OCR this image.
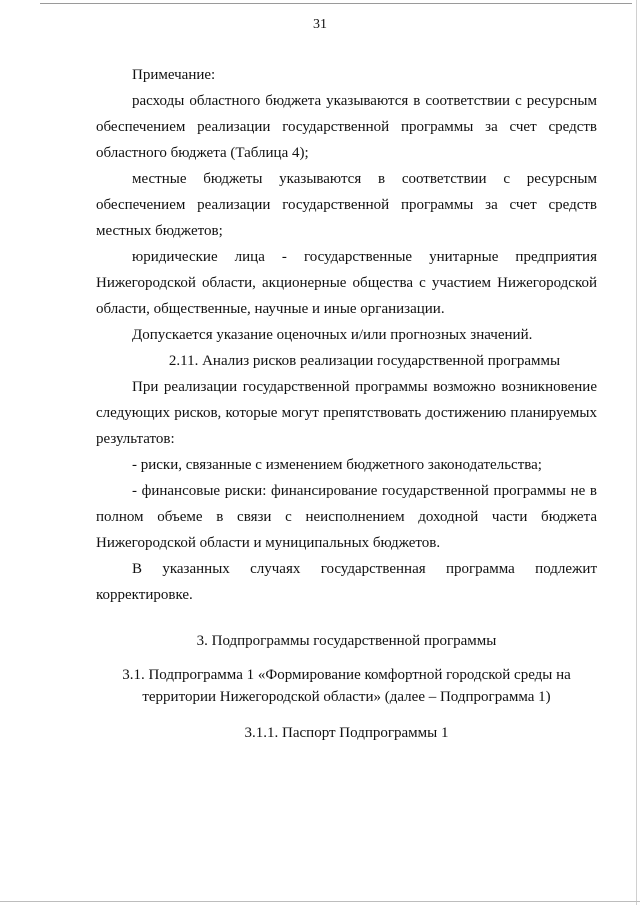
31
Примечание:
расходы областного бюджета указываются в соответствии с ресурсным
обеспечением реализации государственной программы за счет средств
областного бюджета (Таблица 4);
местные бюджеты указываются в соответствии с ресурсным
обеспечением реализации государственной программы за счет средств
местных бюджетов;
юридические лица - государственные унитарные предприятия
Нижегородской области, акционерные общества с участием Нижегородской
области, общественные, научные и иные организации.
Допускается указание оценочных и/или прогнозных значений.
2.11. Анализ рисков реализации государственной программы
При реализации государственной программы возможно возникновение
следующих рисков, которые могут препятствовать достижению планируемых
результатов:
- риски, связанные с изменением бюджетного законодательства;
- финансовые риски: финансирование государственной программы не в
полном объеме в связи с неисполнением доходной части бюджета
Нижегородской области и муниципальных бюджетов.
В указанных случаях государственная программа подлежит
корректировке.
3. Подпрограммы государственной программы
3.1. Подпрограмма 1 «Формирование комфортной городской среды на
территории Нижегородской области» (далее – Подпрограмма 1)
3.1.1. Паспорт Подпрограммы 1
